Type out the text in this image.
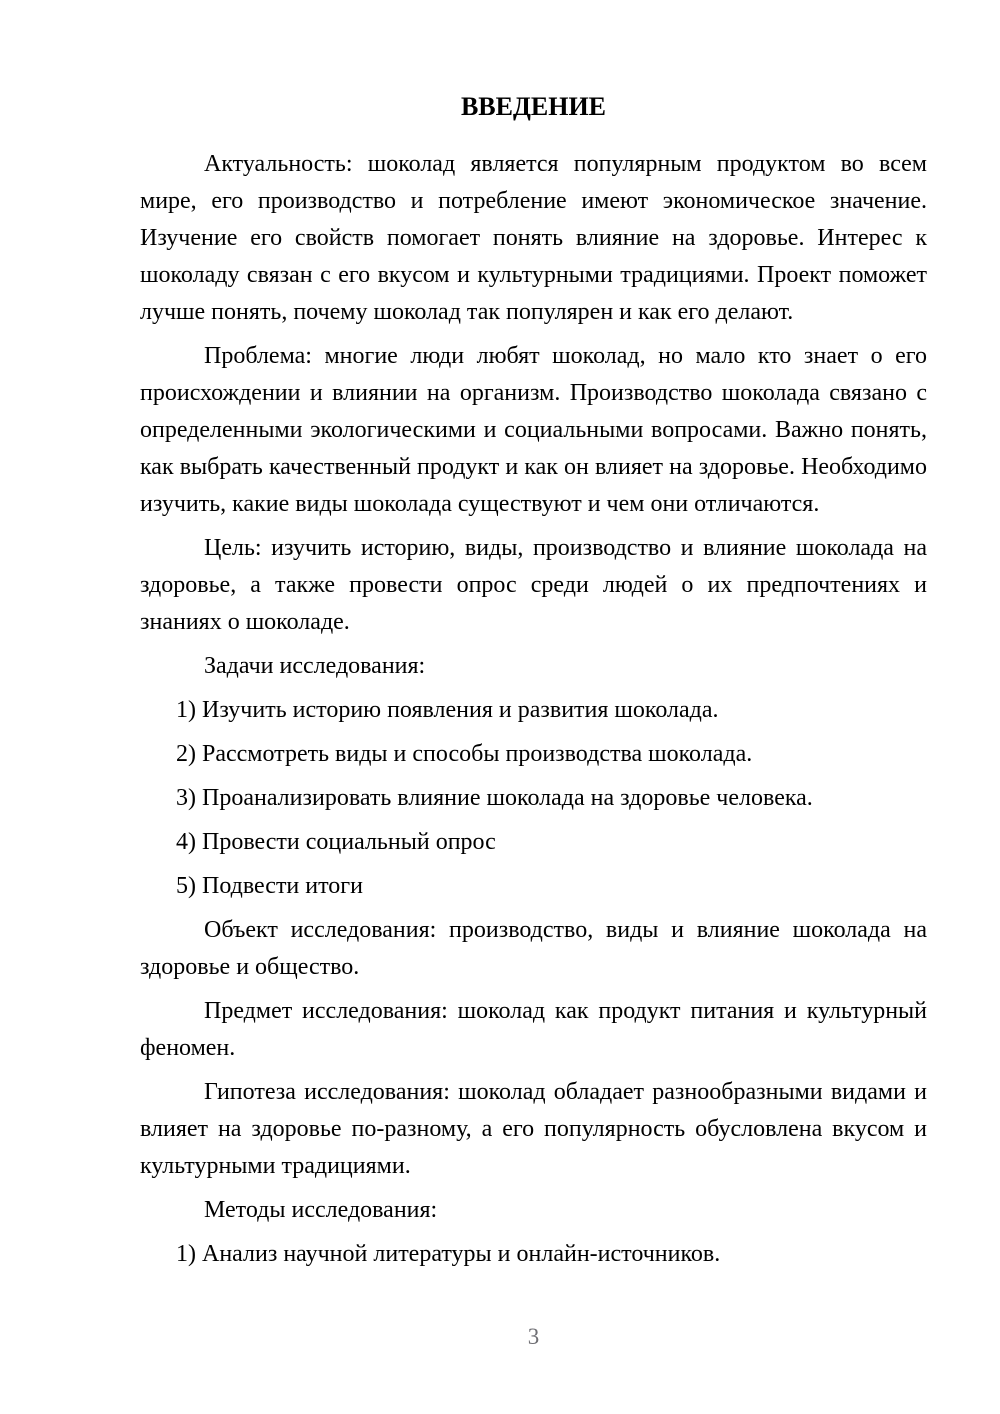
ВВЕДЕНИЕ

Актуальность: шоколад является популярным продуктом во всем мире, его производство и потребление имеют экономическое значение. Изучение его свойств помогает понять влияние на здоровье. Интерес к шоколаду связан с его вкусом и культурными традициями. Проект поможет лучше понять, почему шоколад так популярен и как его делают.

Проблема: многие люди любят шоколад, но мало кто знает о его происхождении и влиянии на организм. Производство шоколада связано с определенными экологическими и социальными вопросами. Важно понять, как выбрать качественный продукт и как он влияет на здоровье. Необходимо изучить, какие виды шоколада существуют и чем они отличаются.

Цель: изучить историю, виды, производство и влияние шоколада на здоровье, а также провести опрос среди людей о их предпочтениях и знаниях о шоколаде.

Задачи исследования:

1) Изучить историю появления и развития шоколада.

2) Рассмотреть виды и способы производства шоколада.

3) Проанализировать влияние шоколада на здоровье человека.

4) Провести социальный опрос

5) Подвести итоги

Объект исследования: производство, виды и влияние шоколада на здоровье и общество.

Предмет исследования: шоколад как продукт питания и культурный феномен.

Гипотеза исследования: шоколад обладает разнообразными видами и влияет на здоровье по-разному, а его популярность обусловлена вкусом и культурными традициями.

Методы исследования:

1) Анализ научной литературы и онлайн-источников.

3
